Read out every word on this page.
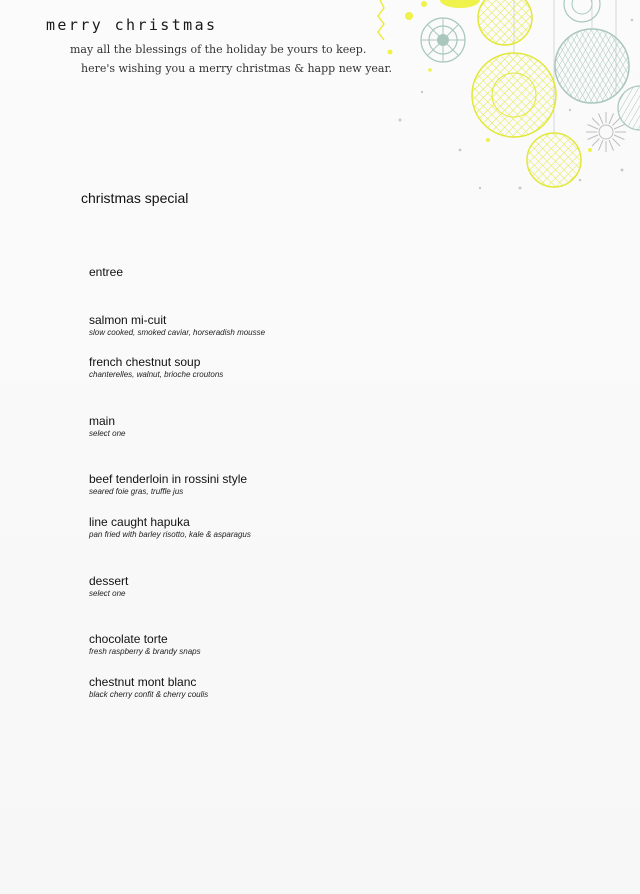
merry christmas
may all the blessings of the holiday be yours to keep.
here's wishing you a merry christmas & happ new year.
christmas special
entree
salmon mi-cuit
slow cooked, smoked caviar, horseradish mousse
french chestnut soup
chanterelles, walnut, brioche croutons
main
select one
beef tenderloin in rossini style
seared foie gras, truffle jus
line caught hapuka
pan fried with barley risotto, kale & asparagus
dessert
select one
chocolate torte
fresh raspberry & brandy snaps
chestnut mont blanc
black cherry confit & cherry coulis
